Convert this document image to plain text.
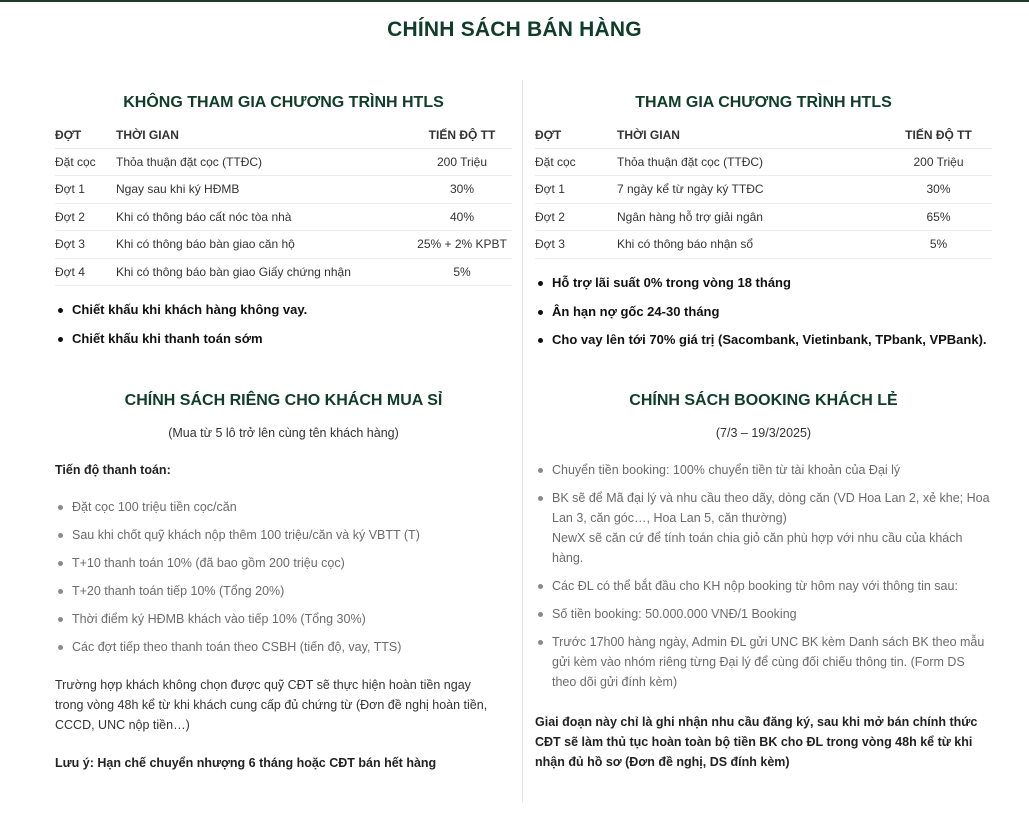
CHÍNH SÁCH BÁN HÀNG
KHÔNG THAM GIA CHƯƠNG TRÌNH HTLS
ĐỢT	THỜI GIAN	TIẾN ĐỘ TT
Đặt cọc	Thỏa thuận đặt cọc (TTĐC)	200 Triệu
Đợt 1	Ngay sau khi ký HĐMB	30%
Đợt 2	Khi có thông báo cất nóc tòa nhà	40%
Đợt 3	Khi có thông báo bàn giao căn hộ	25% + 2% KPBT
Đợt 4	Khi có thông báo bàn giao Giấy chứng nhận	5%
Chiết khấu khi khách hàng không vay.
Chiết khấu khi thanh toán sớm
CHÍNH SÁCH RIÊNG CHO KHÁCH MUA SỈ
(Mua từ 5 lô trở lên cùng tên khách hàng)
Tiến độ thanh toán:
Đặt cọc 100 triệu tiền cọc/căn
Sau khi chốt quỹ khách nộp thêm 100 triệu/căn và ký VBTT (T)
T+10 thanh toán 10% (đã bao gồm 200 triệu cọc)
T+20 thanh toán tiếp 10% (Tổng 20%)
Thời điểm ký HĐMB khách vào tiếp 10% (Tổng 30%)
Các đợt tiếp theo thanh toán theo CSBH (tiến độ, vay, TTS)
Trường hợp khách không chọn được quỹ CĐT sẽ thực hiện hoàn tiền ngay trong vòng 48h kể từ khi khách cung cấp đủ chứng từ (Đơn đề nghị hoàn tiền, CCCD, UNC nộp tiền…)
Lưu ý: Hạn chế chuyển nhượng 6 tháng hoặc CĐT bán hết hàng
THAM GIA CHƯƠNG TRÌNH HTLS
ĐỢT	THỜI GIAN	TIẾN ĐỘ TT
Đặt cọc	Thỏa thuận đặt cọc (TTĐC)	200 Triệu
Đợt 1	7 ngày kể từ ngày ký TTĐC	30%
Đợt 2	Ngân hàng hỗ trợ giải ngân	65%
Đợt 3	Khi có thông báo nhận sổ	5%
Hỗ trợ lãi suất 0% trong vòng 18 tháng
Ân hạn nợ gốc 24-30 tháng
Cho vay lên tới 70% giá trị (Sacombank, Vietinbank, TPbank, VPBank).
CHÍNH SÁCH BOOKING KHÁCH LẺ
(7/3 – 19/3/2025)
Chuyển tiền booking: 100% chuyển tiền từ tài khoản của Đại lý
BK sẽ để Mã đại lý và nhu cầu theo dãy, dòng căn (VD Hoa Lan 2, xẻ khe; Hoa Lan 3, căn góc…, Hoa Lan 5, căn thường)
NewX sẽ căn cứ để tính toán chia giỏ căn phù hợp với nhu cầu của khách hàng.
Các ĐL có thể bắt đầu cho KH nộp booking từ hôm nay với thông tin sau:
Số tiền booking: 50.000.000 VNĐ/1 Booking
Trước 17h00 hàng ngày, Admin ĐL gửi UNC BK kèm Danh sách BK theo mẫu gửi kèm vào nhóm riêng từng Đại lý để cùng đối chiếu thông tin. (Form DS theo dõi gửi đính kèm)
Giai đoạn này chỉ là ghi nhận nhu cầu đăng ký, sau khi mở bán chính thức CĐT sẽ làm thủ tục hoàn toàn bộ tiền BK cho ĐL trong vòng 48h kể từ khi nhận đủ hồ sơ (Đơn đề nghị, DS đính kèm)
